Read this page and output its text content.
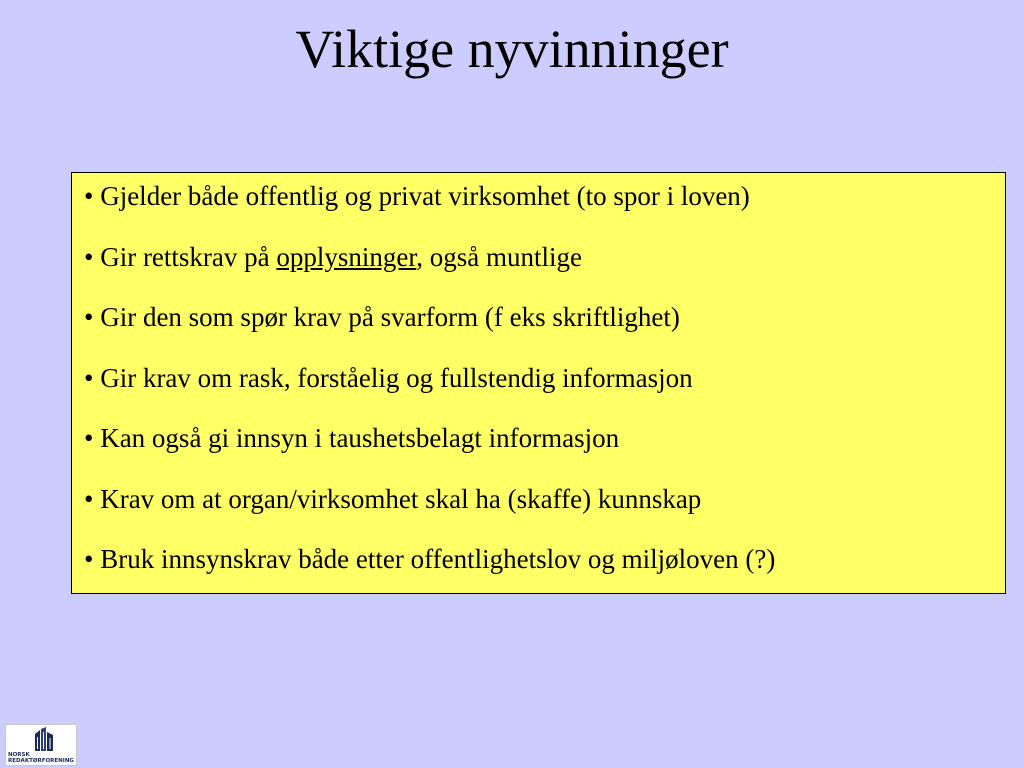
Viktige nyvinninger
• Gjelder både offentlig og privat virksomhet (to spor i loven)
• Gir rettskrav på opplysninger, også muntlige
• Gir den som spør krav på svarform (f eks skriftlighet)
• Gir krav om rask, forståelig og fullstendig informasjon
• Kan også gi innsyn i taushetsbelagt informasjon
• Krav om at organ/virksomhet skal ha (skaffe) kunnskap
• Bruk innsynskrav både etter offentlighetslov og miljøloven (?)
NORSK
REDAKTØRFORENING
